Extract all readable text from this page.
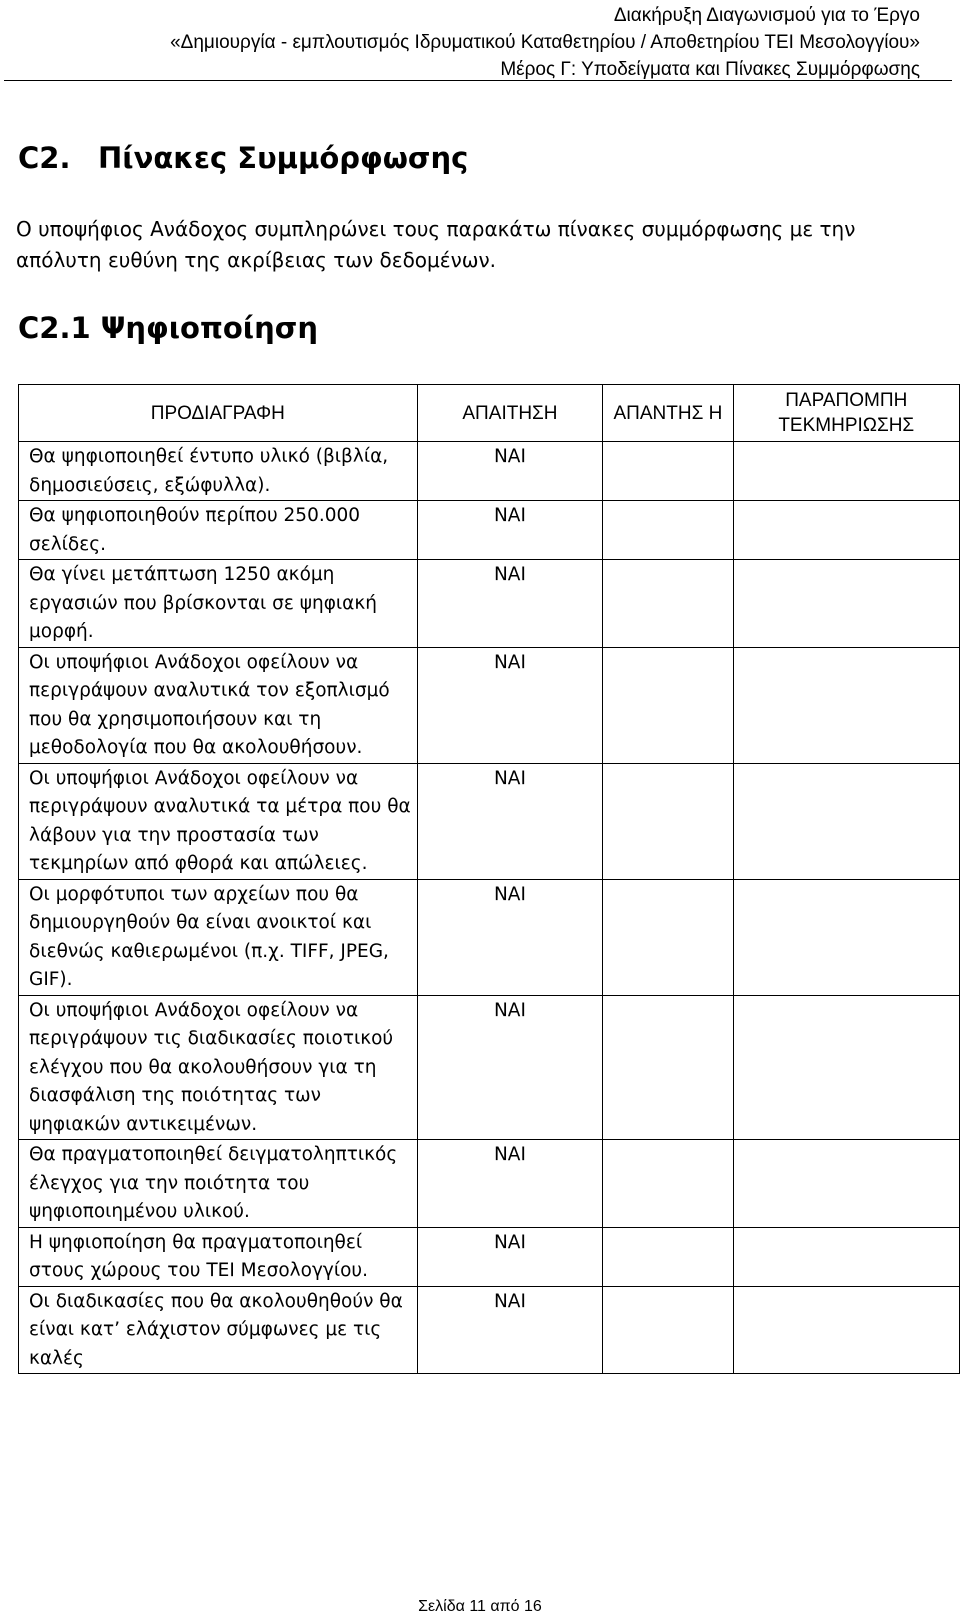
Διακήρυξη Διαγωνισμού για το Έργο
«Δημιουργία - εμπλουτισμός Ιδρυματικού Καταθετηρίου / Αποθετηρίου ΤΕΙ Μεσολογγίου»
Μέρος Γ: Υποδείγματα και Πίνακες Συμμόρφωσης
C2. Πίνακες Συμμόρφωσης
Ο υποψήφιος Ανάδοχος συμπληρώνει τους παρακάτω πίνακες συμμόρφωσης με την απόλυτη ευθύνη της ακρίβειας των δεδομένων.
C2.1 Ψηφιοποίηση
ΠΡΟΔΙΑΓΡΑΦΗ	ΑΠΑΙΤΗΣΗ	ΑΠΑΝΤΗΣ Η	ΠΑΡΑΠΟΜΠΗ ΤΕΚΜΗΡΙΩΣΗΣ
Θα ψηφιοποιηθεί έντυπο υλικό (βιβλία, δημοσιεύσεις, εξώφυλλα).	ΝΑΙ		
Θα ψηφιοποιηθούν περίπου 250.000 σελίδες.	ΝΑΙ		
Θα γίνει μετάπτωση 1250 ακόμη εργασιών που βρίσκονται σε ψηφιακή μορφή.	ΝΑΙ		
Οι υποψήφιοι Ανάδοχοι οφείλουν να περιγράψουν αναλυτικά τον εξοπλισμό που θα χρησιμοποιήσουν και τη μεθοδολογία που θα ακολουθήσουν.	ΝΑΙ		
Οι υποψήφιοι Ανάδοχοι οφείλουν να περιγράψουν αναλυτικά τα μέτρα που θα λάβουν για την προστασία των τεκμηρίων από φθορά και απώλειες.	ΝΑΙ		
Οι μορφότυποι των αρχείων που θα δημιουργηθούν θα είναι ανοικτοί και διεθνώς καθιερωμένοι (π.χ. TIFF, JPEG, GIF).	ΝΑΙ		
Οι υποψήφιοι Ανάδοχοι οφείλουν να περιγράψουν τις διαδικασίες ποιοτικού ελέγχου που θα ακολουθήσουν για τη διασφάλιση της ποιότητας των ψηφιακών αντικειμένων.	ΝΑΙ		
Θα πραγματοποιηθεί δειγματοληπτικός έλεγχος για την ποιότητα του ψηφιοποιημένου υλικού.	ΝΑΙ		
Η ψηφιοποίηση θα πραγματοποιηθεί στους χώρους του ΤΕΙ Μεσολογγίου.	ΝΑΙ		
Οι διαδικασίες που θα ακολουθηθούν θα είναι κατ’ ελάχιστον σύμφωνες με τις καλές	ΝΑΙ		
Σελίδα 11 από 16
